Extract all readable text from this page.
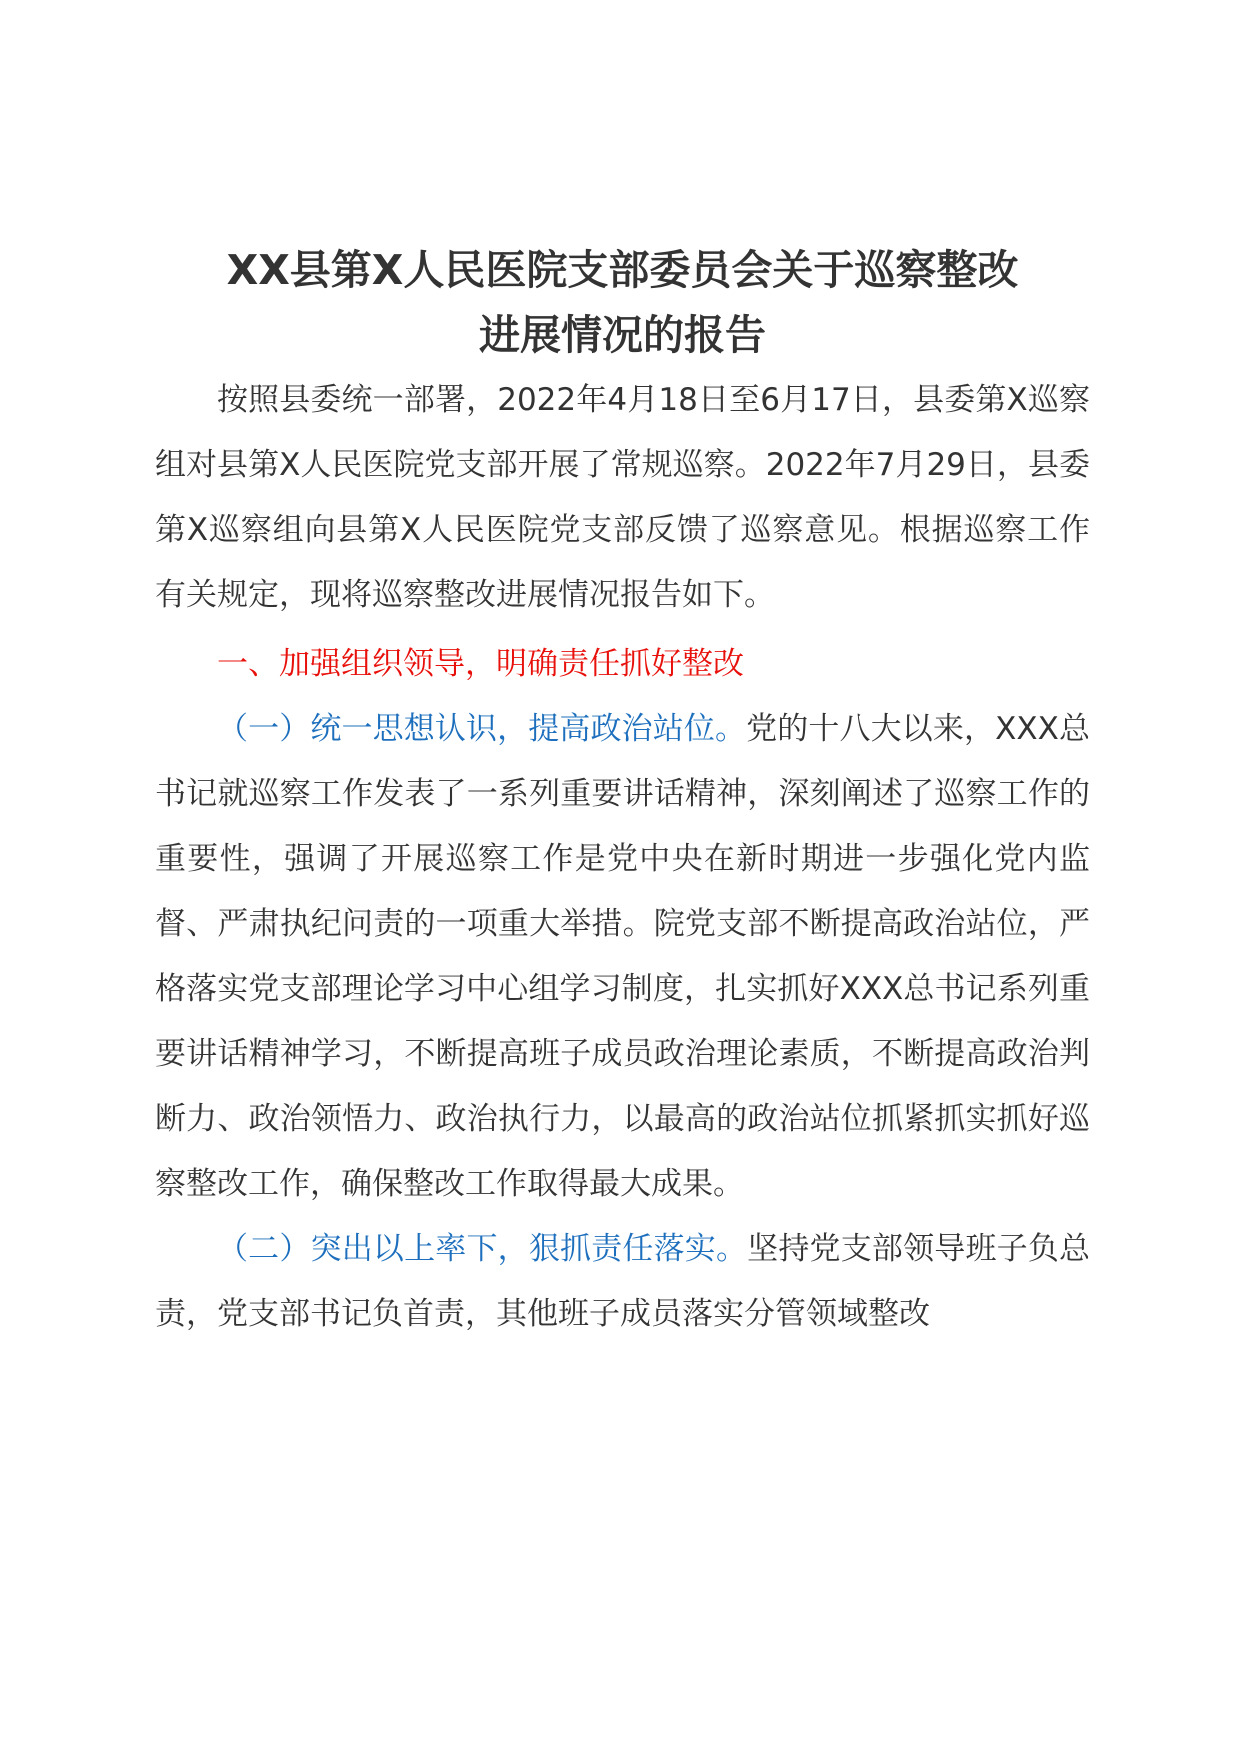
XX县第X人民医院支部委员会关于巡察整改
进展情况的报告

按照县委统一部署，2022年4月18日至6月17日，县委第X巡察组对县第X人民医院党支部开展了常规巡察。2022年7月29日，县委第X巡察组向县第X人民医院党支部反馈了巡察意见。根据巡察工作有关规定，现将巡察整改进展情况报告如下。

一、加强组织领导，明确责任抓好整改

（一）统一思想认识，提高政治站位。党的十八大以来，XXX总书记就巡察工作发表了一系列重要讲话精神，深刻阐述了巡察工作的重要性，强调了开展巡察工作是党中央在新时期进一步强化党内监督、严肃执纪问责的一项重大举措。院党支部不断提高政治站位，严格落实党支部理论学习中心组学习制度，扎实抓好XXX总书记系列重要讲话精神学习，不断提高班子成员政治理论素质，不断提高政治判断力、政治领悟力、政治执行力，以最高的政治站位抓紧抓实抓好巡察整改工作，确保整改工作取得最大成果。

（二）突出以上率下，狠抓责任落实。坚持党支部领导班子负总责，党支部书记负首责，其他班子成员落实分管领域整改
